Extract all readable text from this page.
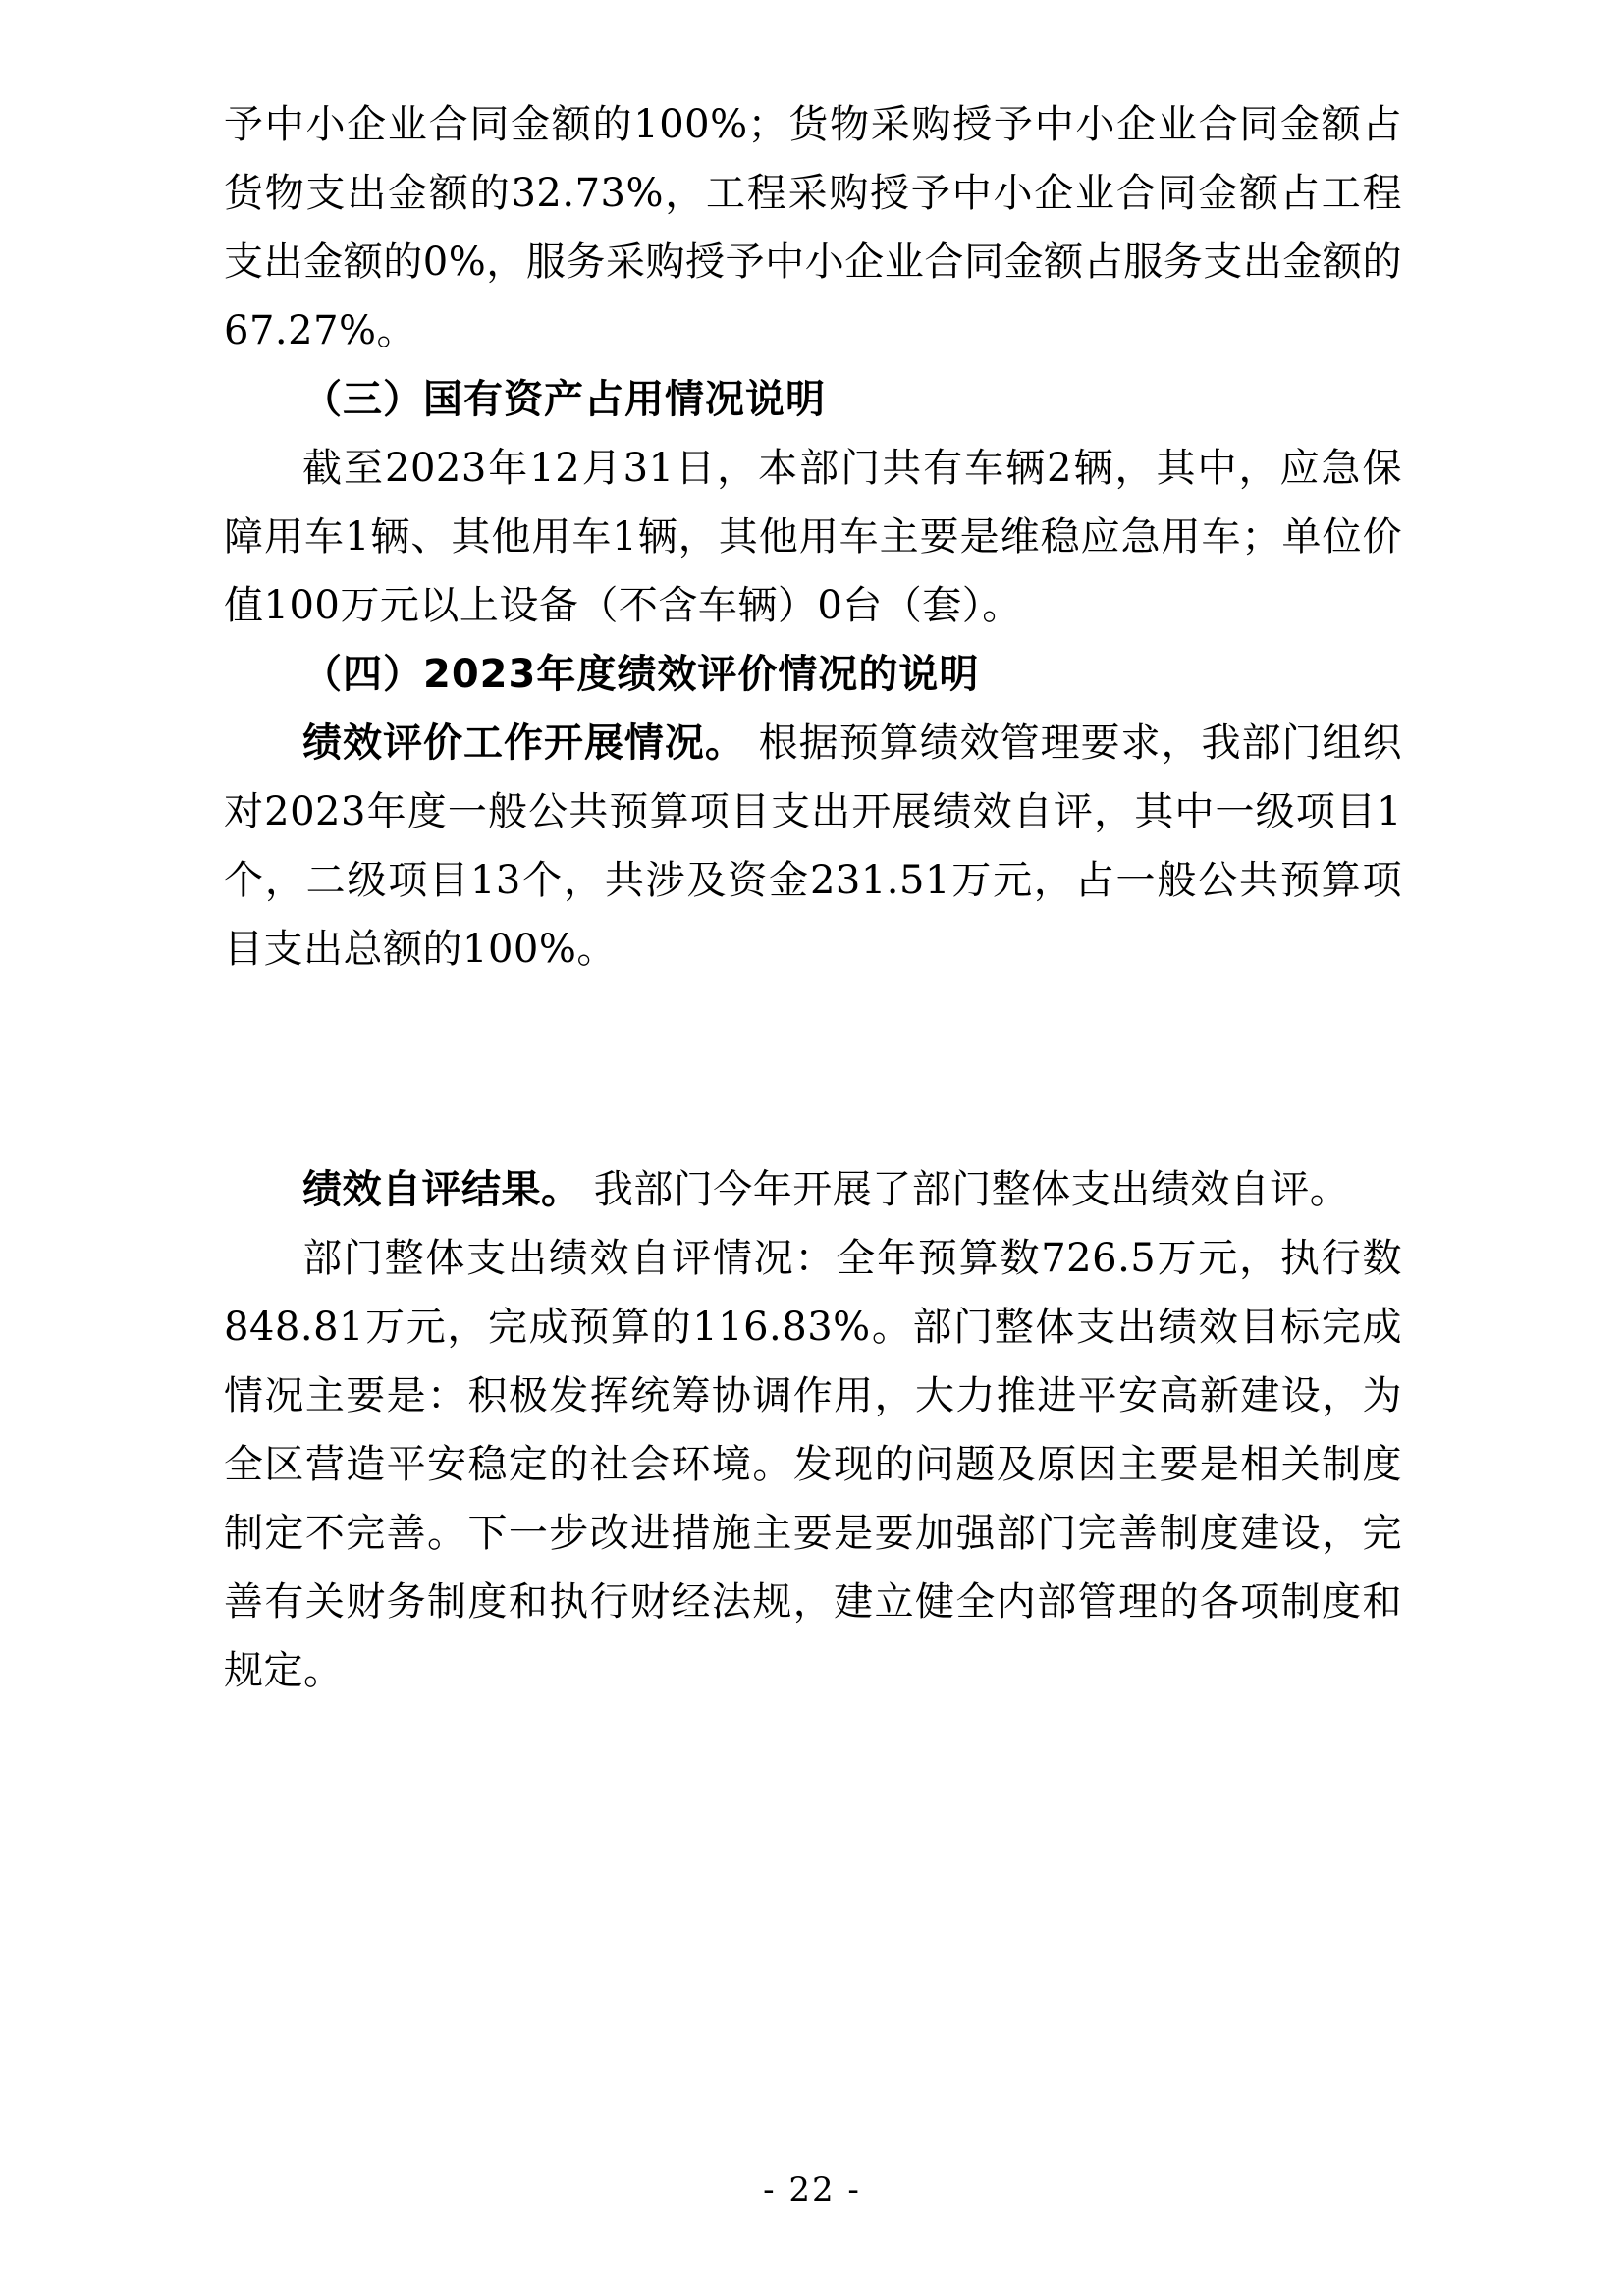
予中小企业合同金额的100%；货物采购授予中小企业合同金额占货物支出金额的32.73%，工程采购授予中小企业合同金额占工程支出金额的0%，服务采购授予中小企业合同金额占服务支出金额的67.27%。

（三）国有资产占用情况说明

截至2023年12月31日，本部门共有车辆2辆，其中，应急保障用车1辆、其他用车1辆，其他用车主要是维稳应急用车；单位价值100万元以上设备（不含车辆）0台（套）。

（四）2023年度绩效评价情况的说明

绩效评价工作开展情况。 根据预算绩效管理要求，我部门组织对2023年度一般公共预算项目支出开展绩效自评，其中一级项目1个，二级项目13个，共涉及资金231.51万元，占一般公共预算项目支出总额的100%。

绩效自评结果。 我部门今年开展了部门整体支出绩效自评。

部门整体支出绩效自评情况：全年预算数726.5万元，执行数848.81万元，完成预算的116.83%。部门整体支出绩效目标完成情况主要是：积极发挥统筹协调作用，大力推进平安高新建设，为全区营造平安稳定的社会环境。发现的问题及原因主要是相关制度制定不完善。下一步改进措施主要是要加强部门完善制度建设，完善有关财务制度和执行财经法规，建立健全内部管理的各项制度和规定。

- 22 -
